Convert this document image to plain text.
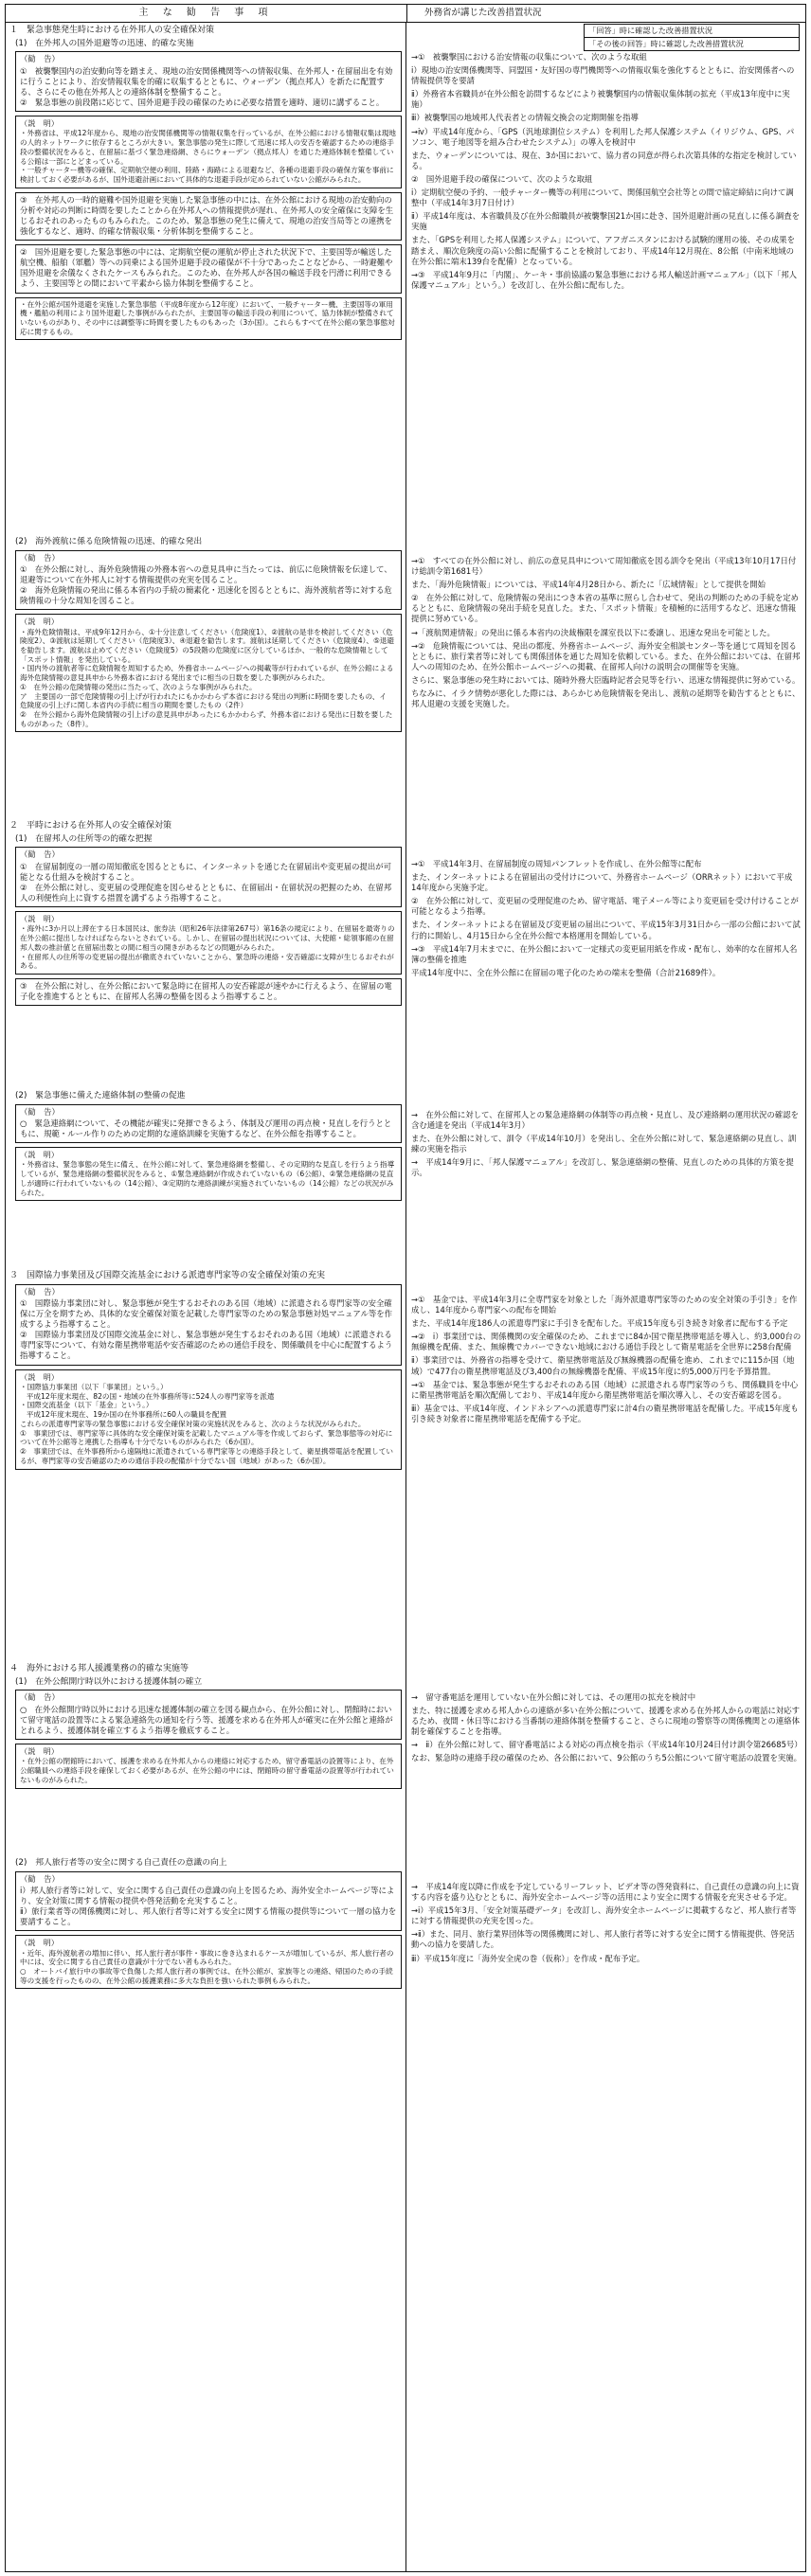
主 な 勧 告 事 項	外務省が講じた改善措置状況
「回答」時に確認した改善措置状況
「その後の回答」時に確認した改善措置状況

１　緊急事態発生時における在外邦人の安全確保対策

(1)　在外邦人の国外退避等の迅速、的確な実施

（勧　告）

①　被襲撃国内の治安動向等を踏まえ、現地の治安関係機関等への情報収集、在外邦人・在留届出を有効に行うことにより、治安情報収集を的確に収集するとともに、ウォーデン（拠点邦人）を新たに配置する、さらにその他在外邦人との連絡体制を整備すること。

②　緊急事態の前段階に応じて、国外退避手段の確保のために必要な措置を適時、適切に講ずること。

（説　明）

・外務省は、平成12年度から、現地の治安関係機関等の情報収集を行っているが、在外公館における情報収集は現地の人的ネットワークに依存するところが大きい。緊急事態の発生に際して迅速に邦人の安否を確認するための連絡手段の整備状況をみると、在留届に基づく緊急連絡網、さらにウォーデン（拠点邦人）を通じた連絡体制を整備している公館は一部にとどまっている。

・一般チャーター機等の確保、定期航空便の利用、陸路・海路による退避など、各種の退避手段の確保方策を事前に検討しておく必要があるが、国外退避計画において具体的な退避手段が定められていない公館がみられた。

③　在外邦人の一時的避難や国外退避を実施した緊急事態の中には、在外公館における現地の治安動向の分析や対応の判断に時間を要したことから在外邦人への情報提供が遅れ、在外邦人の安全確保に支障を生じるおそれのあったものもみられた。このため、緊急事態の発生に備えて、現地の治安当局等との連携を強化するなど、適時、的確な情報収集・分析体制を整備すること。

②　国外退避を要した緊急事態の中には、定期航空便の運航が停止された状況下で、主要国等が輸送した航空機、船舶（軍艦）等への同乗による国外退避手段の確保が不十分であったことなどから、一時避難や国外退避を余儀なくされたケースもみられた。このため、在外邦人が各国の輸送手段を円滑に利用できるよう、主要国等との間において平素から協力体制を整備すること。

・在外公館が国外退避を実施した緊急事態（平成8年度から12年度）において、一般チャーター機、主要国等の軍用機・艦船の利用により国外退避した事例がみられたが、主要国等の輸送手段の利用について、協力体制が整備されていないものがあり、その中には調整等に時間を要したものもあった（3か国）。これらもすべて在外公館の緊急事態対応に関するもの。

(2)　海外渡航に係る危険情報の迅速、的確な発出

（勧　告）

①　在外公館に対し、海外危険情報の外務本省への意見具申に当たっては、前広に危険情報を伝達して、退避等について在外邦人に対する情報提供の充実を図ること。

②　海外危険情報の発出に係る本省内の手続の簡素化・迅速化を図るとともに、海外渡航者等に対する危険情報の十分な周知を図ること。

（説　明）

・海外危険情報は、平成9年12月から、①十分注意してください（危険度1）、②渡航の是非を検討してください（危険度2）、③渡航は延期してください（危険度3）、④退避を勧告します。渡航は延期してください（危険度4）、⑤退避を勧告します。渡航は止めてください（危険度5）の5段階の危険度に区分しているほか、一般的な危険情報として「スポット情報」を発出している。

・国内外の渡航者等に危険情報を周知するため、外務省ホームページへの掲載等が行われているが、在外公館による海外危険情報の意見具申から外務本省における発出までに相当の日数を要した事例がみられた。

①　在外公館の危険情報の発出に当たって、次のような事例がみられた。

ア　主要国の一部で危険情報の引上げが行われたにもかかわらず本省における発出の判断に時間を要したもの、イ　危険度の引上げに関し本省内の手続に相当の期間を要したもの（2件）

②　在外公館から海外危険情報の引上げの意見具申があったにもかかわらず、外務本省における発出に日数を要したものがあった（8件）。

２　平時における在外邦人の安全確保対策

(1)　在留邦人の住所等の的確な把握

（勧　告）

①　在留届制度の一層の周知徹底を図るとともに、インターネットを通じた在留届出や変更届の提出が可能となる仕組みを検討すること。

②　在外公館に対し、変更届の受理促進を図らせるとともに、在留届出・在留状況の把握のため、在留邦人の利便性向上に資する措置を講ずるよう指導すること。

（説　明）

・海外に3か月以上滞在する日本国民は、旅券法（昭和26年法律第267号）第16条の規定により、在留届を最寄りの在外公館に提出しなければならないとされている。しかし、在留届の提出状況については、大使館・総領事館の在留邦人数の推計値と在留届出数との間に相当の開きがあるなどの問題がみられた。

・在留邦人の住所等の変更届の提出が徹底されていないことから、緊急時の連絡・安否確認に支障が生じるおそれがある。

③　在外公館に対し、在外公館において緊急時に在留邦人の安否確認が速やかに行えるよう、在留届の電子化を推進するとともに、在留邦人名簿の整備を図るよう指導すること。

(2)　緊急事態に備えた連絡体制の整備の促進

（勧　告）

○　緊急連絡網について、その機能が確実に発揮できるよう、体制及び運用の再点検・見直しを行うとともに、規範・ルール作りのための定期的な連絡訓練を実施するなど、在外公館を指導すること。

（説　明）

・外務省は、緊急事態の発生に備え、在外公館に対して、緊急連絡網を整備し、その定期的な見直しを行うよう指導しているが、緊急連絡網の整備状況をみると、①緊急連絡網が作成されていないもの（6公館）、②緊急連絡網の見直しが適時に行われていないもの（14公館）、③定期的な連絡訓練が実施されていないもの（14公館）などの状況がみられた。

３　国際協力事業団及び国際交流基金における派遣専門家等の安全確保対策の充実

（勧　告）

①　国際協力事業団に対し、緊急事態が発生するおそれのある国（地域）に派遣される専門家等の安全確保に万全を期すため、具体的な安全確保対策を記載した専門家等のための緊急事態対処マニュアル等を作成するよう指導すること。

②　国際協力事業団及び国際交流基金に対し、緊急事態が発生するおそれのある国（地域）に派遣される専門家等について、有効な衛星携帯電話や安否確認のための通信手段を、関係職員を中心に配置するよう指導すること。

（説　明）

・国際協力事業団（以下「事業団」という。）

平成12年度末現在、82の国・地域の在外事務所等に524人の専門家等を派遣

・国際交流基金（以下「基金」という。）

平成12年度末現在、19か国の在外事務所に60人の職員を配置

これらの派遣専門家等の緊急事態における安全確保対策の実施状況をみると、次のような状況がみられた。

①　事業団では、専門家等に具体的な安全確保対策を記載したマニュアル等を作成しておらず、緊急事態等の対応について在外公館等と連携した指導も十分でないものがみられた（6か国）。

②　事業団では、在外事務所から遠隔地に派遣されている専門家等との連絡手段として、衛星携帯電話を配置しているが、専門家等の安否確認のための通信手段の配備が十分でない国（地域）があった（6か国）。

４　海外における邦人援護業務の的確な実施等

(1)　在外公館開庁時以外における援護体制の確立

（勧　告）

○　在外公館開庁時以外における迅速な援護体制の確立を図る観点から、在外公館に対し、閉館時において留守電話の設置等による緊急連絡先の通知を行う等、援護を求める在外邦人が確実に在外公館と連絡がとれるよう、援護体制を確立するよう指導を徹底すること。

（説　明）

・在外公館の閉館時において、援護を求める在外邦人からの連絡に対応するため、留守番電話の設置等により、在外公館職員への連絡手段を確保しておく必要があるが、在外公館の中には、閉館時の留守番電話の設置等が行われていないものがみられた。

(2)　邦人旅行者等の安全に関する自己責任の意識の向上

（勧　告）

ⅰ）邦人旅行者等に対して、安全に関する自己責任の意識の向上を図るため、海外安全ホームページ等により、安全対策に関する情報の提供や啓発活動を充実すること。

ⅱ）旅行業者等の関係機関に対し、邦人旅行者等に対する安全に関する情報の提供等について一層の協力を要請すること。

（説　明）

・近年、海外渡航者の増加に伴い、邦人旅行者が事件・事故に巻き込まれるケースが増加しているが、邦人旅行者の中には、安全に関する自己責任の意識が十分でない者もみられた。

○　オートバイ旅行中の事故等で負傷した邦人旅行者の事例では、在外公館が、家族等との連絡、帰国のための手続等の支援を行ったものの、在外公館の援護業務に多大な負担を強いられた事例もみられた。

→①　被襲撃国における治安情報の収集について、次のような取組

ⅰ）現地の治安関係機関等、同盟国・友好国の専門機関等への情報収集を強化するとともに、治安関係者への情報提供等を要請

ⅱ）外務省本省職員が在外公館を訪問するなどにより被襲撃国内の情報収集体制の拡充（平成13年度中に実施）

ⅲ）被襲撃国の地域邦人代表者との情報交換会の定期開催を指導

→ⅳ）平成14年度から、「GPS（汎地球測位システム）を利用した邦人保護システム（イリジウム、GPS、パソコン、電子地図等を組み合わせたシステム）」の導入を検討中

また、ウォーデンについては、現在、3か国において、協力者の同意が得られ次第具体的な指定を検討している。

②　国外退避手段の確保について、次のような取組

ⅰ）定期航空便の予約、一般チャーター機等の利用について、関係国航空会社等との間で協定締結に向けて調整中（平成14年3月7日付け）

ⅱ）平成14年度は、本省職員及び在外公館職員が被襲撃国21か国に赴き、国外退避計画の見直しに係る調査を実施

また、「GPSを利用した邦人保護システム」について、アフガニスタンにおける試験的運用の後、その成果を踏まえ、順次危険度の高い公館に配備することを検討しており、平成14年12月現在、8公館（中南米地域の在外公館に端末139台を配備）となっている。

→③　平成14年9月に「内閣」、ケーキ・事前協議の緊急事態における邦人輸送計画マニュアル」（以下「邦人保護マニュアル」という。）を改訂し、在外公館に配布した。

→①　すべての在外公館に対し、前広の意見具申について周知徹底を図る訓令を発出（平成13年10月17日付け総訓令第1681号）

また、「海外危険情報」については、平成14年4月28日から、新たに「広域情報」として提供を開始

②　在外公館に対して、危険情報の発出につき本省の基準に照らし合わせて、発出の判断のための手続を定めるとともに、危険情報の発出手続を見直した。また、「スポット情報」を積極的に活用するなど、迅速な情報提供に努めている。

→「渡航関連情報」の発出に係る本省内の決裁権限を課室長以下に委譲し、迅速な発出を可能とした。

→②　危険情報については、発出の都度、外務省ホームページ、海外安全相談センター等を通じて周知を図るとともに、旅行業者等に対しても関係団体を通じた周知を依頼している。また、在外公館においては、在留邦人への周知のため、在外公館ホームページへの掲載、在留邦人向けの説明会の開催等を実施。

さらに、緊急事態の発生時においては、随時外務大臣臨時記者会見等を行い、迅速な情報提供に努めている。

ちなみに、イラク情勢が悪化した際には、あらかじめ危険情報を発出し、渡航の延期等を勧告するとともに、邦人退避の支援を実施した。

→①　平成14年3月、在留届制度の周知パンフレットを作成し、在外公館等に配布

また、インターネットによる在留届出の受付けについて、外務省ホームページ（ORRネット）において平成14年度から実施予定。

②　在外公館に対して、変更届の受理促進のため、留守電話、電子メール等により変更届を受け付けることが可能となるよう指導。

また、インターネットによる在留届及び変更届の届出について、平成15年3月31日から一部の公館において試行的に開始し、4月15日から全在外公館で本格運用を開始している。

→③　平成14年7月末までに、在外公館において一定様式の変更届用紙を作成・配布し、効率的な在留邦人名簿の整備を推進

平成14年度中に、全在外公館に在留届の電子化のための端末を整備（合計21689件）。

→　在外公館に対して、在留邦人との緊急連絡網の体制等の再点検・見直し、及び連絡網の運用状況の確認を含む通達を発出（平成14年3月）

また、在外公館に対して、訓令（平成14年10月）を発出し、全在外公館に対して、緊急連絡網の見直し、訓練の実施を指示

→　平成14年9月に、「邦人保護マニュアル」を改訂し、緊急連絡網の整備、見直しのための具体的方策を提示。

→①　基金では、平成14年3月に全専門家を対象とした「海外派遣専門家等のための安全対策の手引き」を作成し、14年度から専門家への配布を開始

また、平成14年度186人の派遣専門家に手引きを配布した。平成15年度も引き続き対象者に配布する予定

→②　ⅰ）事業団では、関係機関の安全確保のため、これまでに84か国で衛星携帯電話を導入し、約3,000台の無線機を配備、また、無線機でカバーできない地域における通信手段として衛星電話を全世界に258台配備

ⅱ）事業団では、外務省の指導を受けて、衛星携帯電話及び無線機器の配備を進め、これまでに115か国（地域）で477台の衛星携帯電話及び3,400台の無線機器を配備、平成15年度に約5,000万円を予算措置。

→①　基金では、緊急事態が発生するおそれのある国（地域）に派遣される専門家等のうち、関係職員を中心に衛星携帯電話を順次配備しており、平成14年度から衛星携帯電話を順次導入し、その安否確認を図る。

ⅲ）基金では、平成14年度、インドネシアへの派遣専門家に計4台の衛星携帯電話を配備した。平成15年度も引き続き対象者に衛星携帯電話を配備する予定。

→　留守番電話を運用していない在外公館に対しては、その運用の拡充を検討中

また、特に援護を求める邦人からの連絡が多い在外公館について、援護を求める在外邦人からの電話に対応するため、夜間・休日等における当番制の連絡体制を整備すること、さらに現地の警察等の関係機関との連絡体制を確保することを指導。

→　ⅱ）在外公館に対して、留守番電話による対応の再点検を指示（平成14年10月24日付け訓令第26685号）

なお、緊急時の連絡手段の確保のため、各公館において、9公館のうち5公館について留守電話の設置を実施。

→　平成14年度以降に作成を予定しているリーフレット、ビデオ等の啓発資料に、自己責任の意識の向上に資する内容を盛り込むとともに、海外安全ホームページ等の活用により安全に関する情報を充実させる予定。

→ⅰ）平成15年3月、「安全対策基礎データ」を改訂し、海外安全ホームページに掲載するなど、邦人旅行者等に対する情報提供の充実を図った。

→ⅱ）また、同月、旅行業界団体等の関係機関に対し、邦人旅行者等に対する安全に関する情報提供、啓発活動への協力を要請した。

ⅲ）平成15年度に「海外安全虎の巻（仮称）」を作成・配布予定。
